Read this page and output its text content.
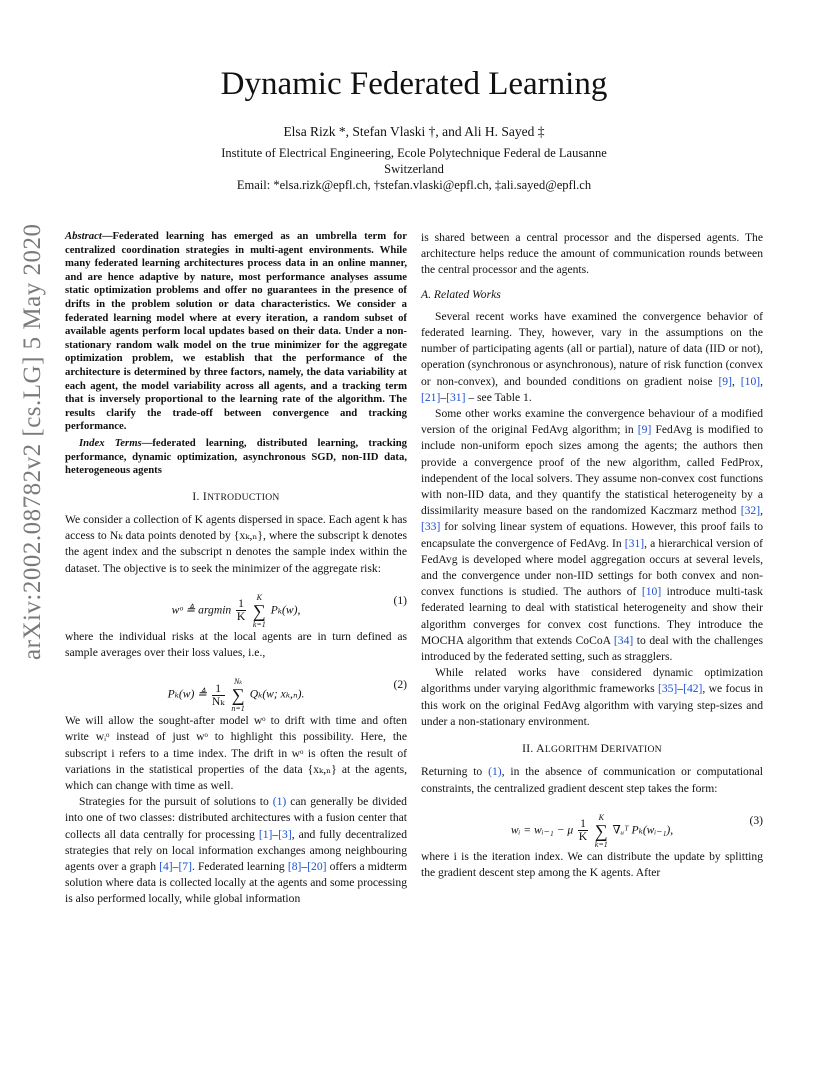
Dynamic Federated Learning
Elsa Rizk *, Stefan Vlaski †, and Ali H. Sayed ‡
Institute of Electrical Engineering, Ecole Polytechnique Federal de Lausanne
Switzerland
Email: *elsa.rizk@epfl.ch, †stefan.vlaski@epfl.ch, ‡ali.sayed@epfl.ch
arXiv:2002.08782v2 [cs.LG] 5 May 2020	Abstract—Federated learning has emerged as an umbrella term for centralized coordination strategies in multi-agent environments. While many federated learning architectures process data in an online manner, and are hence adaptive by nature, most performance analyses assume static optimization problems and offer no guarantees in the presence of drifts in the problem solution or data characteristics. We consider a federated learning model where at every iteration, a random subset of available agents perform local updates based on their data. Under a non-stationary random walk model on the true minimizer for the aggregate optimization problem, we establish that the performance of the architecture is determined by three factors, namely, the data variability at each agent, the model variability across all agents, and a tracking term that is inversely proportional to the learning rate of the algorithm. The results clarify the trade-off between convergence and tracking performance.

Index Terms—federated learning, distributed learning, tracking performance, dynamic optimization, asynchronous SGD, non-IID data, heterogeneous agents

I. INTRODUCTION

We consider a collection of K agents dispersed in space. Each agent k has access to Nₖ data points denoted by {xₖ,ₙ}, where the subscript k denotes the agent index and the subscript n denotes the sample index within the dataset. The objective is to seek the minimizer of the aggregate risk:

wᵒ ≜ argmin $\frac{1}{K}$

K
∑
k=1
Pₖ(w),
(1)

where the individual risks at the local agents are in turn defined as sample averages over their loss values, i.e.,

Pₖ(w) ≜ $\frac{1}{\text{Nₖ}}$

Nₖ
∑
n=1
Qₖ(w; xₖ,ₙ).
(2)

We will allow the sought-after model wᵒ to drift with time and often write wᵢᵒ instead of just wᵒ to highlight this possibility. Here, the subscript i refers to a time index. The drift in wᵒ is often the result of variations in the statistical properties of the data {xₖ,ₙ} at the agents, which can change with time as well.

Strategies for the pursuit of solutions to (1) can generally be divided into one of two classes: distributed architectures with a fusion center that collects all data centrally for processing [1]–[3], and fully decentralized strategies that rely on local information exchanges among neighbouring agents over a graph [4]–[7]. Federated learning [8]–[20] offers a midterm solution where data is collected locally at the agents and some processing is also performed locally, while global information

is shared between a central processor and the dispersed agents. The architecture helps reduce the amount of communication rounds between the central processor and the agents.

A. Related Works

Several recent works have examined the convergence behavior of federated learning. They, however, vary in the assumptions on the number of participating agents (all or partial), nature of data (IID or not), operation (synchronous or asynchronous), nature of risk function (convex or non-convex), and bounded conditions on gradient noise [9], [10], [21]–[31] – see Table 1.

Some other works examine the convergence behaviour of a modified version of the original FedAvg algorithm; in [9] FedAvg is modified to include non-uniform epoch sizes among the agents; the authors then provide a convergence proof of the new algorithm, called FedProx, independent of the local solvers. They assume non-convex cost functions with non-IID data, and they quantify the statistical heterogeneity by a dissimilarity measure based on the randomized Kaczmarz method [32], [33] for solving linear system of equations. However, this proof fails to encapsulate the convergence of FedAvg. In [31], a hierarchical version of FedAvg is developed where model aggregation occurs at several levels, and the convergence under non-IID settings for both convex and non-convex functions is studied. The authors of [10] introduce multi-task federated learning to deal with statistical heterogeneity and show their algorithm converges for convex cost functions. They introduce the MOCHA algorithm that extends CoCoA [34] to deal with the challenges introduced by the federated setting, such as stragglers.

While related works have considered dynamic optimization algorithms under varying algorithmic frameworks [35]–[42], we focus in this work on the original FedAvg algorithm with varying step-sizes and under a non-stationary environment.

II. ALGORITHM DERIVATION

Returning to (1), in the absence of communication or computational constraints, the centralized gradient descent step takes the form:

wᵢ = wᵢ₋₁ − μ $\frac{1}{K}$

K
∑
k=1
∇ᵤᵀ Pₖ(wᵢ₋₁),
(3)

where i is the iteration index. We can distribute the update by splitting the gradient descent step among the K agents. After
